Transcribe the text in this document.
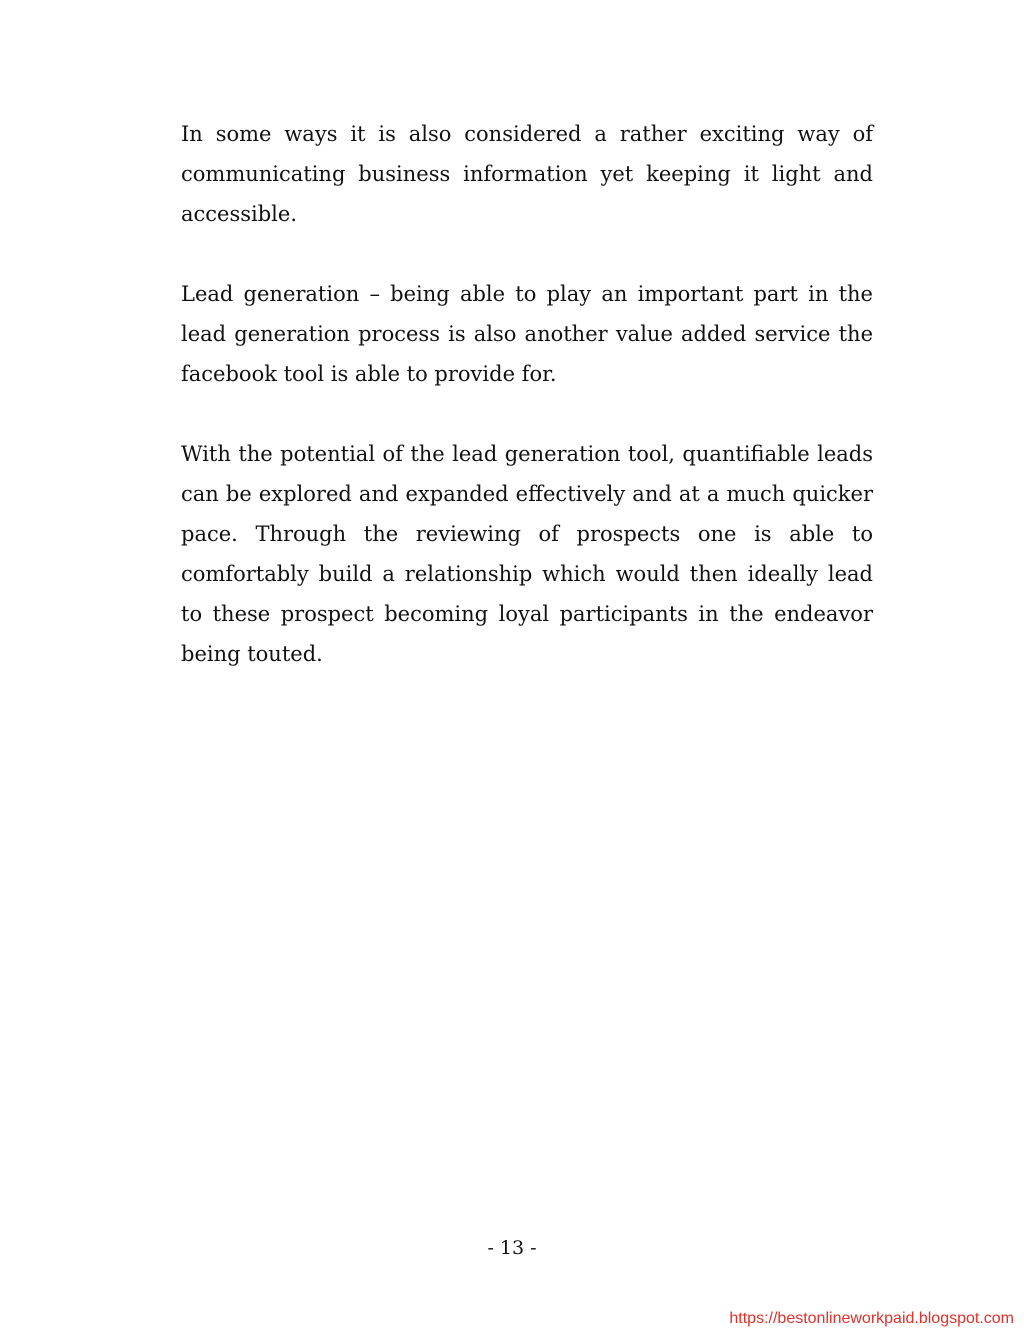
In some ways it is also considered a rather exciting way of communicating business information yet keeping it light and accessible.

Lead generation – being able to play an important part in the lead generation process is also another value added service the facebook tool is able to provide for.

With the potential of the lead generation tool, quantifiable leads can be explored and expanded effectively and at a much quicker pace. Through the reviewing of prospects one is able to comfortably build a relationship which would then ideally lead to these prospect becoming loyal participants in the endeavor being touted.

- 13 -
https://bestonlineworkpaid.blogspot.com
